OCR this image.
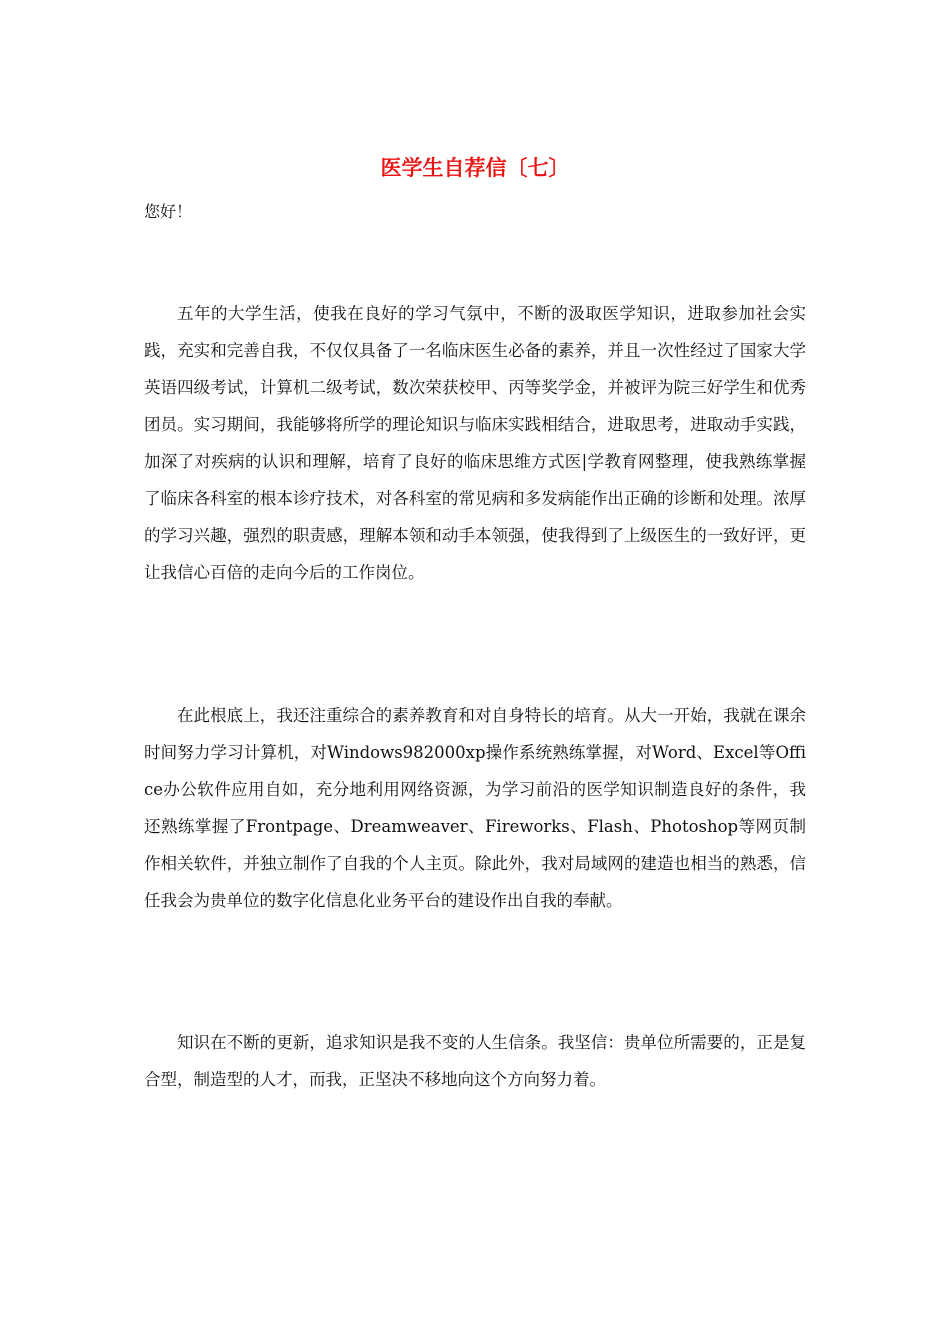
医学生自荐信〔七〕

您好！

五年的大学生活，使我在良好的学习气氛中，不断的汲取医学知识，进取参加社会实践，充实和完善自我，不仅仅具备了一名临床医生必备的素养，并且一次性经过了国家大学英语四级考试，计算机二级考试，数次荣获校甲、丙等奖学金，并被评为院三好学生和优秀团员。实习期间，我能够将所学的理论知识与临床实践相结合，进取思考，进取动手实践，加深了对疾病的认识和理解，培育了良好的临床思维方式医|学教育网整理，使我熟练掌握了临床各科室的根本诊疗技术，对各科室的常见病和多发病能作出正确的诊断和处理。浓厚的学习兴趣，强烈的职责感，理解本领和动手本领强，使我得到了上级医生的一致好评，更让我信心百倍的走向今后的工作岗位。

在此根底上，我还注重综合的素养教育和对自身特长的培育。从大一开始，我就在课余时间努力学习计算机，对Windows982000xp操作系统熟练掌握，对Word、Excel等Office办公软件应用自如，充分地利用网络资源，为学习前沿的医学知识制造良好的条件，我还熟练掌握了Frontpage、Dreamweaver、Fireworks、Flash、Photoshop等网页制作相关软件，并独立制作了自我的个人主页。除此外，我对局域网的建造也相当的熟悉，信任我会为贵单位的数字化信息化业务平台的建设作出自我的奉献。

知识在不断的更新，追求知识是我不变的人生信条。我坚信：贵单位所需要的，正是复合型，制造型的人才，而我，正坚决不移地向这个方向努力着。
